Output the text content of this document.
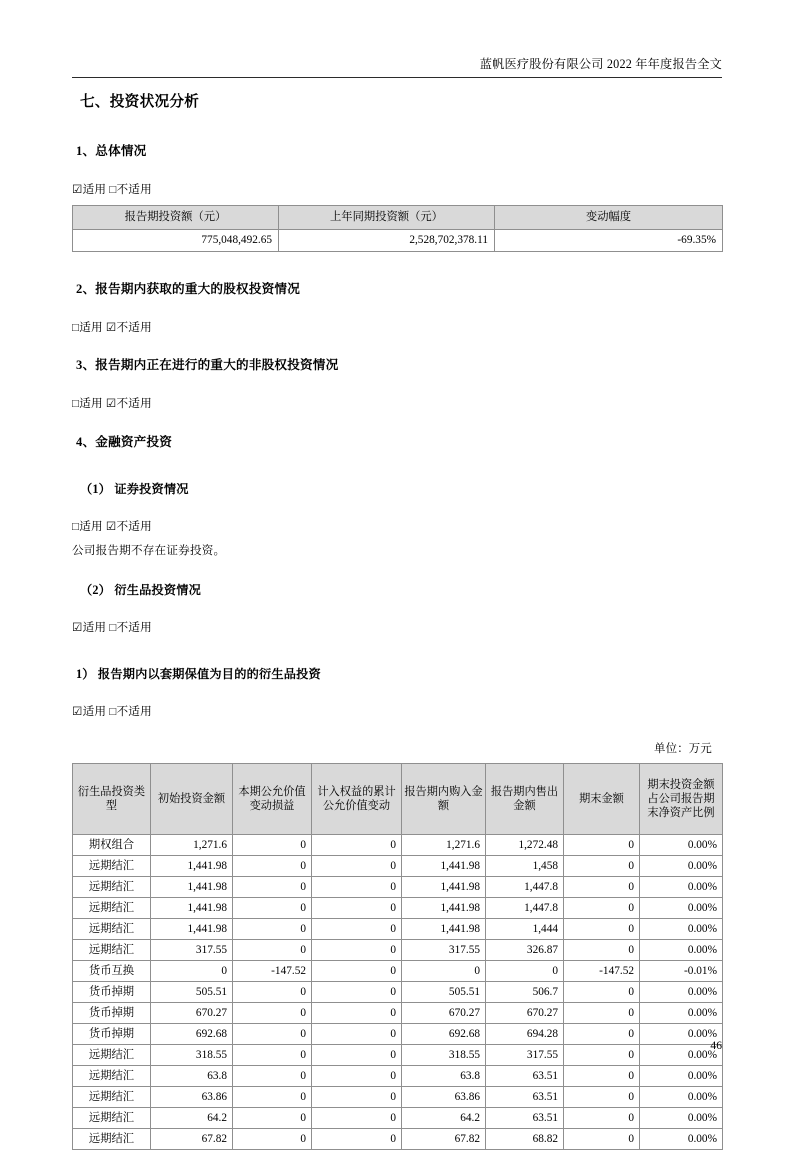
蓝帆医疗股份有限公司 2022 年年度报告全文
七、投资状况分析
1、总体情况

☑适用 □不适用

报告期投资额（元）	上年同期投资额（元）	变动幅度
775,048,492.65	2,528,702,378.11	-69.35%
2、报告期内获取的重大的股权投资情况

□适用 ☑不适用

3、报告期内正在进行的重大的非股权投资情况

□适用 ☑不适用

4、金融资产投资
（1） 证券投资情况

□适用 ☑不适用

公司报告期不存在证券投资。

（2） 衍生品投资情况

☑适用 □不适用

1） 报告期内以套期保值为目的的衍生品投资

☑适用 □不适用

单位：万元
衍生品投资类型	初始投资金额	本期公允价值变动损益	计入权益的累计公允价值变动	报告期内购入金额	报告期内售出金额	期末金额	期末投资金额占公司报告期末净资产比例
期权组合	1,271.6	0	0	1,271.6	1,272.48	0	0.00%
远期结汇	1,441.98	0	0	1,441.98	1,458	0	0.00%
远期结汇	1,441.98	0	0	1,441.98	1,447.8	0	0.00%
远期结汇	1,441.98	0	0	1,441.98	1,447.8	0	0.00%
远期结汇	1,441.98	0	0	1,441.98	1,444	0	0.00%
远期结汇	317.55	0	0	317.55	326.87	0	0.00%
货币互换	0	-147.52	0	0	0	-147.52	-0.01%
货币掉期	505.51	0	0	505.51	506.7	0	0.00%
货币掉期	670.27	0	0	670.27	670.27	0	0.00%
货币掉期	692.68	0	0	692.68	694.28	0	0.00%
远期结汇	318.55	0	0	318.55	317.55	0	0.00%
远期结汇	63.8	0	0	63.8	63.51	0	0.00%
远期结汇	63.86	0	0	63.86	63.51	0	0.00%
远期结汇	64.2	0	0	64.2	63.51	0	0.00%
远期结汇	67.82	0	0	67.82	68.82	0	0.00%
46
